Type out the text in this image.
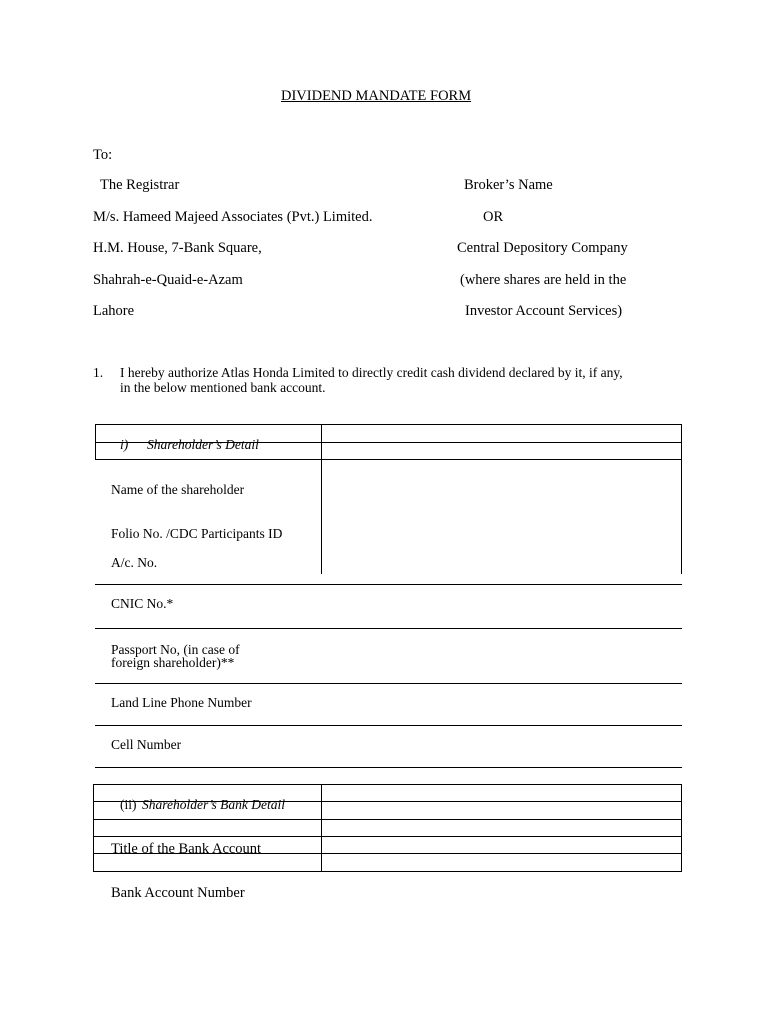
DIVIDEND MANDATE FORM
To:
The Registrar
M/s. Hameed Majeed Associates (Pvt.) Limited.
H.M. House, 7-Bank Square,
Shahrah-e-Quaid-e-Azam
Lahore
Broker’s Name
OR
Central Depository Company
(where shares are held in the
Investor Account Services)
1. I hereby authorize Atlas Honda Limited to directly credit cash dividend declared by it, if any,
in the below mentioned bank account.
i) Shareholder’s Detail
Name of the shareholder
Folio No. /CDC Participants ID
A/c. No.
CNIC No.*
Passport No, (in case of
foreign shareholder)**
Land Line Phone Number
Cell Number
(ii) Shareholder’s Bank Detail
Title of the Bank Account
Bank Account Number
